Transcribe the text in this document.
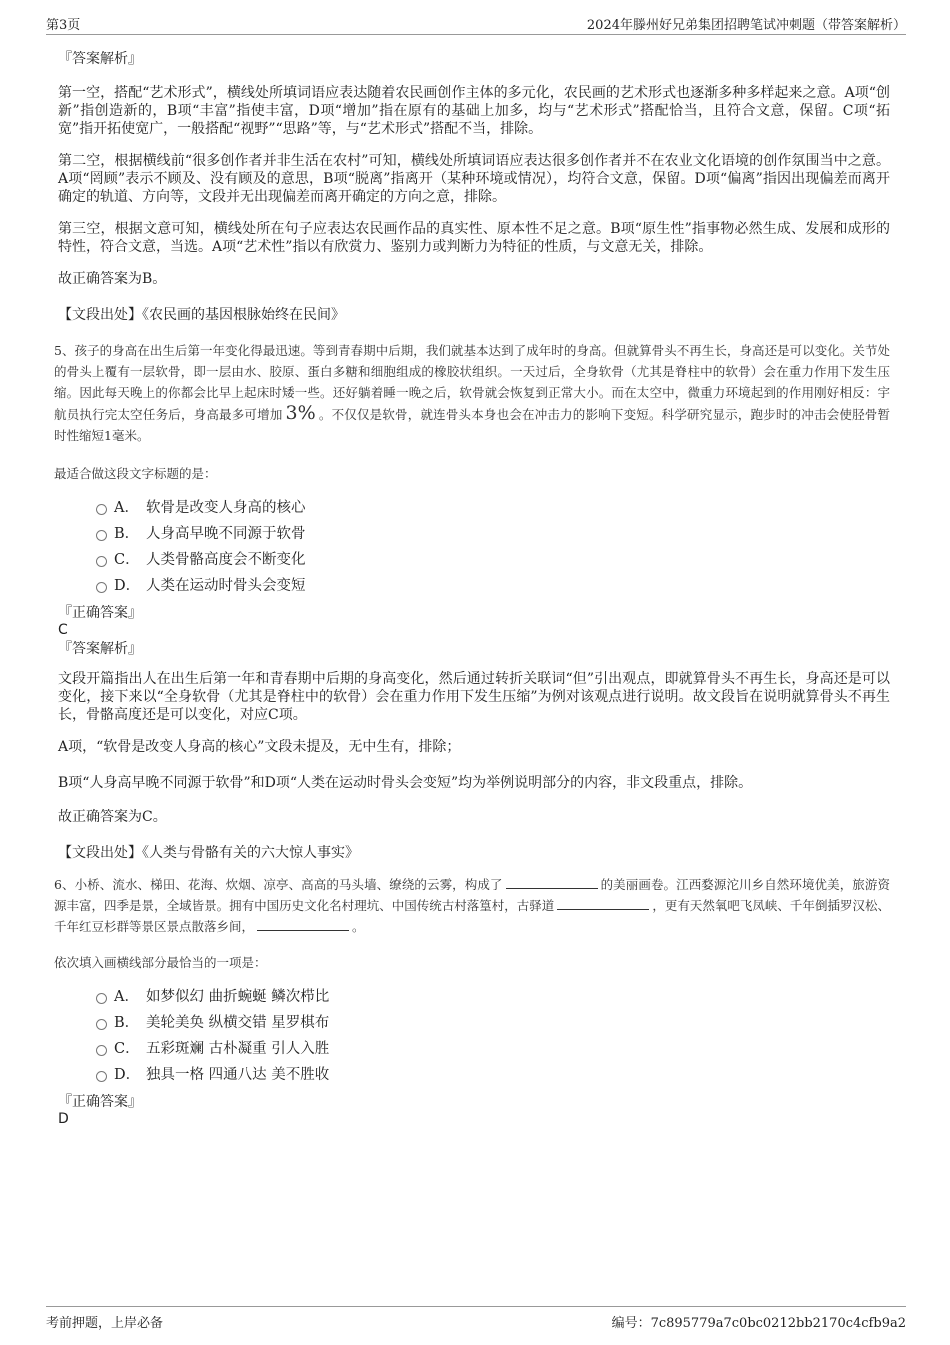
第3页	2024年滕州好兄弟集团招聘笔试冲刺题（带答案解析）
『答案解析』

第一空，搭配“艺术形式”，横线处所填词语应表达随着农民画创作主体的多元化，农民画的艺术形式也逐渐多种多样起来之意。A项“创新”指创造新的，B项“丰富”指使丰富，D项“增加”指在原有的基础上加多，均与“艺术形式”搭配恰当，且符合文意，保留。C项“拓宽”指开拓使宽广，一般搭配“视野”“思路”等，与“艺术形式”搭配不当，排除。

第二空，根据横线前“很多创作者并非生活在农村”可知，横线处所填词语应表达很多创作者并不在农业文化语境的创作氛围当中之意。A项“罔顾”表示不顾及、没有顾及的意思，B项“脱离”指离开（某种环境或情况），均符合文意，保留。D项“偏离”指因出现偏差而离开确定的轨道、方向等，文段并无出现偏差而离开确定的方向之意，排除。

第三空，根据文意可知，横线处所在句子应表达农民画作品的真实性、原本性不足之意。B项“原生性”指事物必然生成、发展和成形的特性，符合文意，当选。A项“艺术性”指以有欣赏力、鉴别力或判断力为特征的性质，与文意无关，排除。

故正确答案为B。

【文段出处】《农民画的基因根脉始终在民间》

5、孩子的身高在出生后第一年变化得最迅速。等到青春期中后期，我们就基本达到了成年时的身高。但就算骨头不再生长，身高还是可以变化。关节处的骨头上覆有一层软骨，即一层由水、胶原、蛋白多糖和细胞组成的橡胶状组织。一天过后，全身软骨（尤其是脊柱中的软骨）会在重力作用下发生压缩。因此每天晚上的你都会比早上起床时矮一些。还好躺着睡一晚之后，软骨就会恢复到正常大小。而在太空中，微重力环境起到的作用刚好相反：宇航员执行完太空任务后，身高最多可增加 3% 。不仅仅是软骨，就连骨头本身也会在冲击力的影响下变短。科学研究显示，跑步时的冲击会使胫骨暂时性缩短1毫米。

最适合做这段文字标题的是：

A． 软骨是改变人身高的核心
B． 人身高早晚不同源于软骨
C． 人类骨骼高度会不断变化
D． 人类在运动时骨头会变短
『正确答案』
C
『答案解析』

文段开篇指出人在出生后第一年和青春期中后期的身高变化，然后通过转折关联词“但”引出观点，即就算骨头不再生长，身高还是可以变化，接下来以“全身软骨（尤其是脊柱中的软骨）会在重力作用下发生压缩”为例对该观点进行说明。故文段旨在说明就算骨头不再生长，骨骼高度还是可以变化，对应C项。

A项，“软骨是改变人身高的核心”文段未提及，无中生有，排除；

B项“人身高早晚不同源于软骨”和D项“人类在运动时骨头会变短”均为举例说明部分的内容，非文段重点，排除。

故正确答案为C。

【文段出处】《人类与骨骼有关的六大惊人事实》

6、小桥、流水、梯田、花海、炊烟、凉亭、高高的马头墙、缭绕的云雾，构成了	的美丽画卷。江西婺源沱川乡自然环境优美，旅游资源丰富，四季是景，全域皆景。拥有中国历史文化名村理坑、中国传统古村落篁村，古驿道	，更有天然氧吧飞凤峡、千年倒插罗汉松、千年红豆杉群等景区景点散落乡间，	。

依次填入画横线部分最恰当的一项是：

A． 如梦似幻 曲折蜿蜒 鳞次栉比
B． 美轮美奂 纵横交错 星罗棋布
C． 五彩斑斓 古朴凝重 引人入胜
D． 独具一格 四通八达 美不胜收
『正确答案』
D
考前押题，上岸必备	编号：7c895779a7c0bc0212bb2170c4cfb9a2
